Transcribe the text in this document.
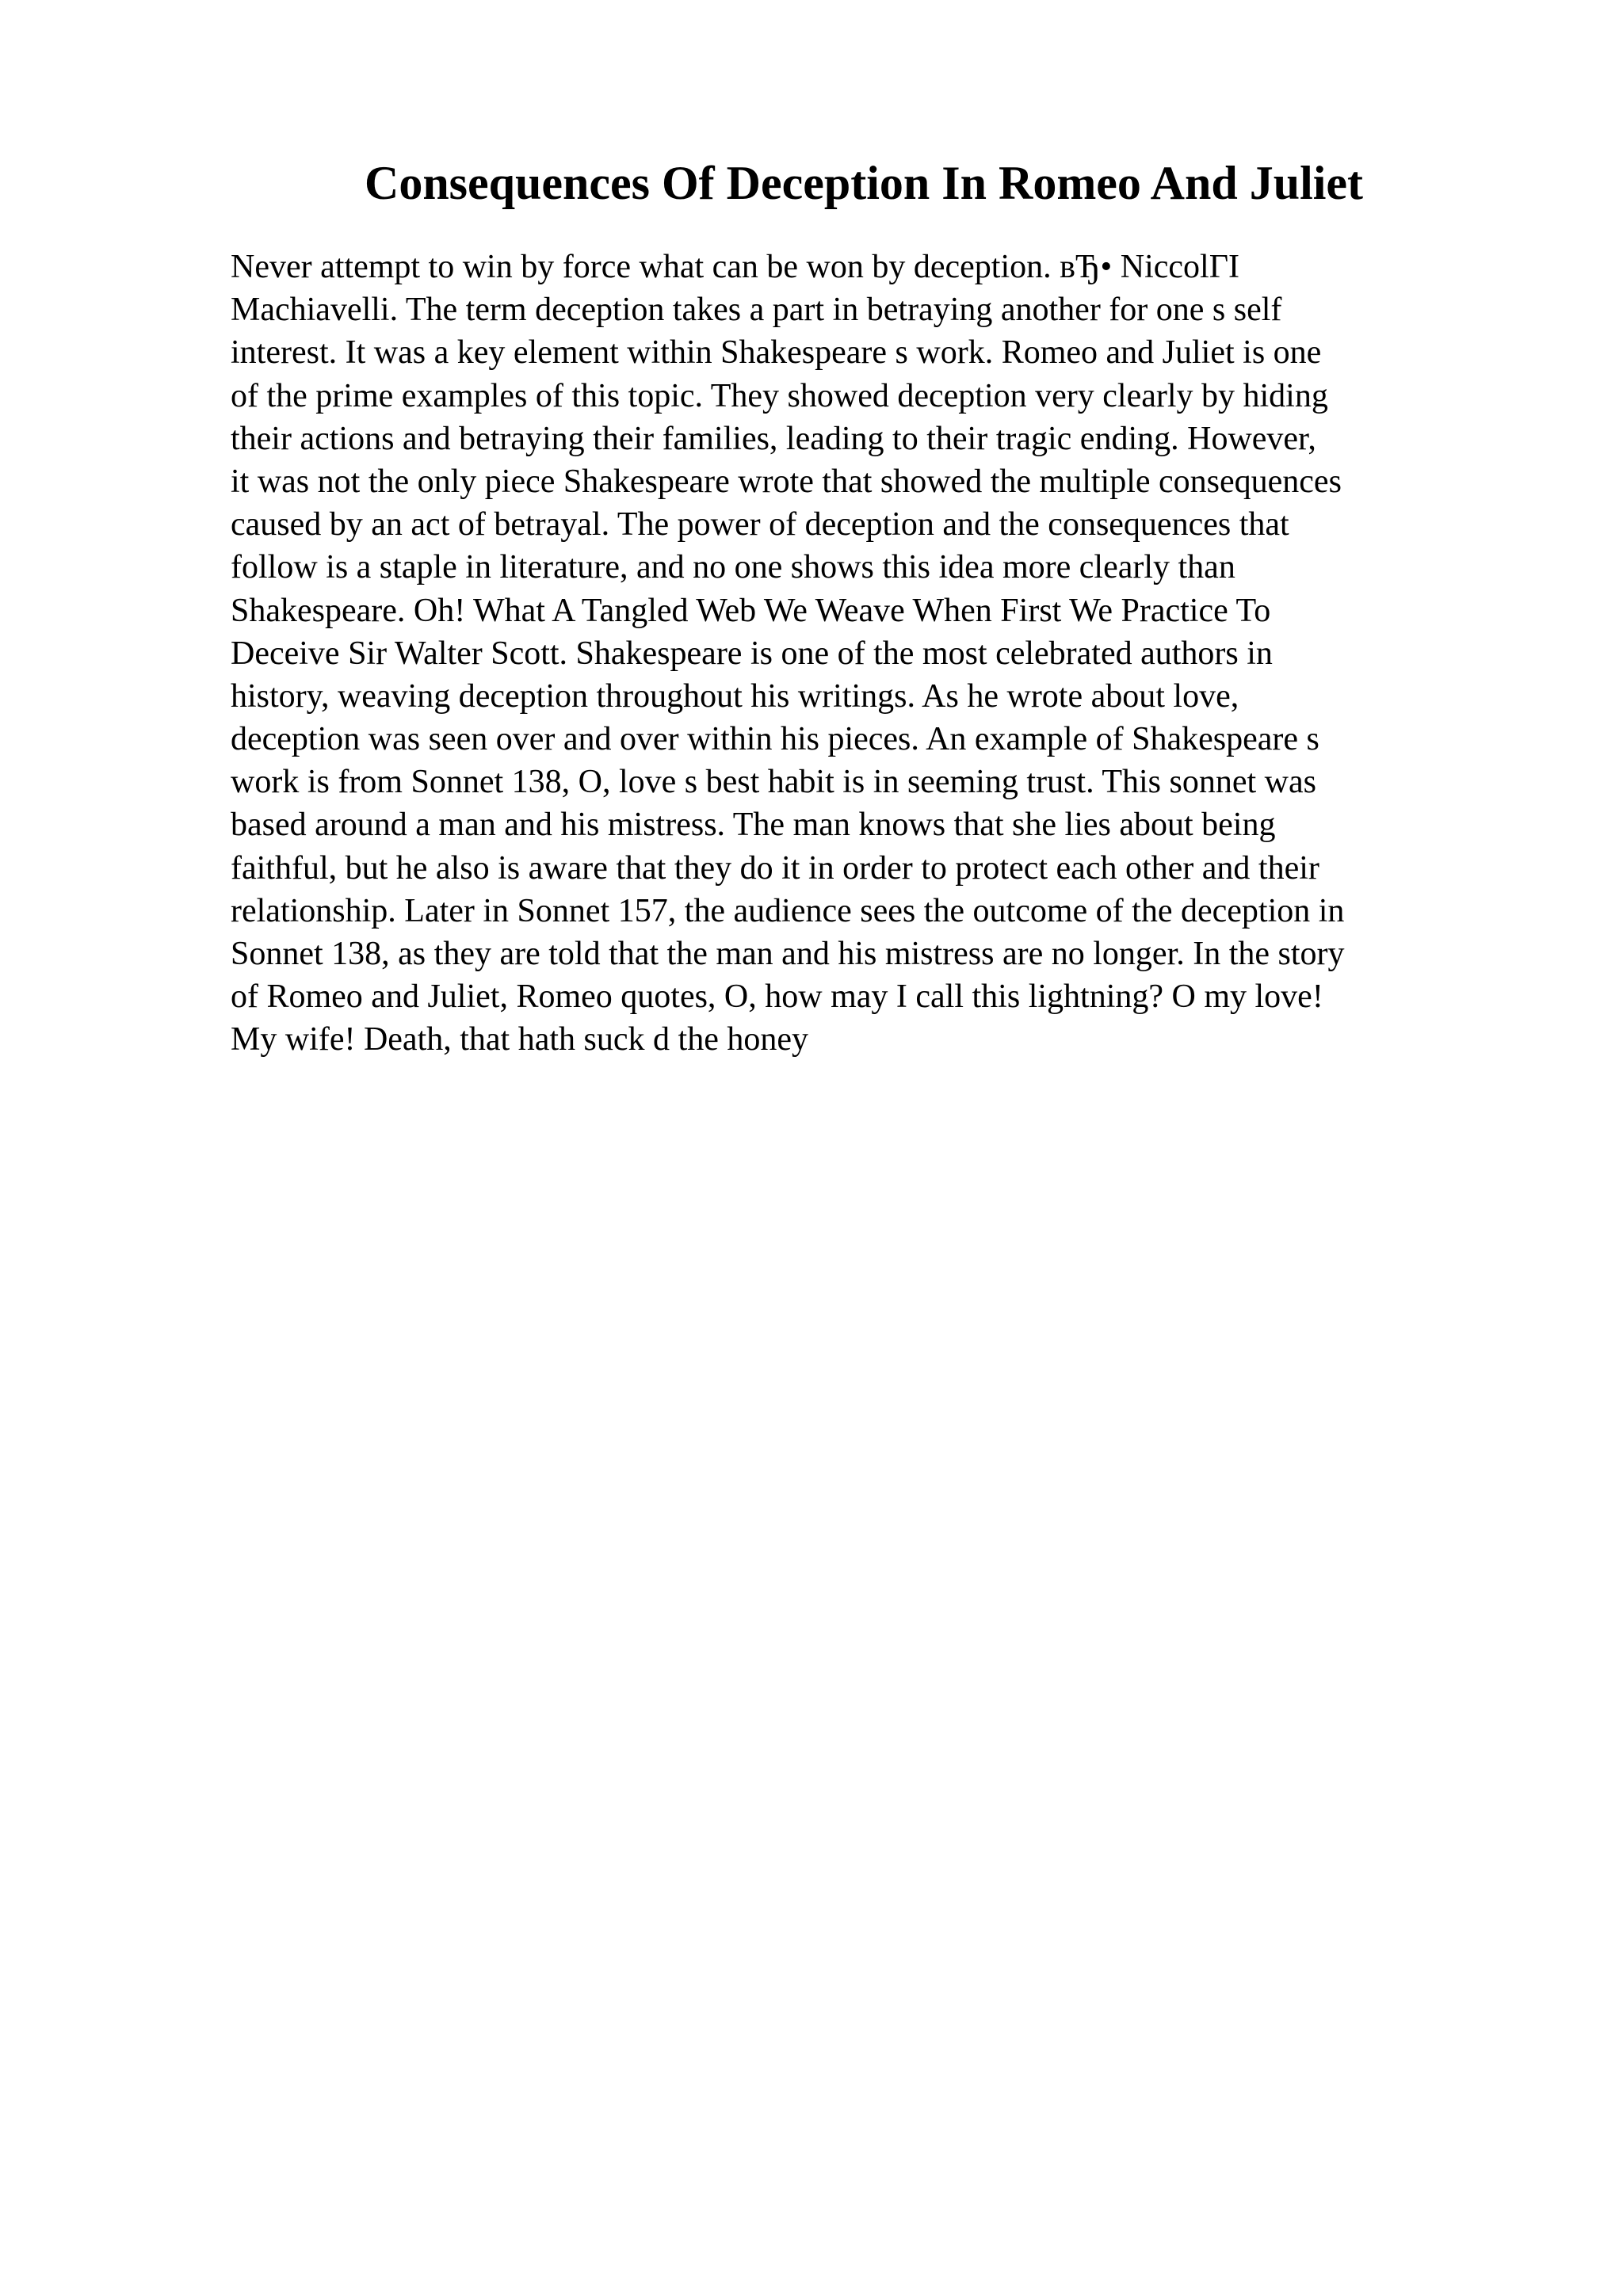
Consequences Of Deception In Romeo And Juliet
Never attempt to win by force what can be won by deception. вЂ• NiccolГІ
Machiavelli. The term deception takes a part in betraying another for one s self
interest. It was a key element within Shakespeare s work. Romeo and Juliet is one
of the prime examples of this topic. They showed deception very clearly by hiding
their actions and betraying their families, leading to their tragic ending. However,
it was not the only piece Shakespeare wrote that showed the multiple consequences
caused by an act of betrayal. The power of deception and the consequences that
follow is a staple in literature, and no one shows this idea more clearly than
Shakespeare. Oh! What A Tangled Web We Weave When First We Practice To
Deceive Sir Walter Scott. Shakespeare is one of the most celebrated authors in
history, weaving deception throughout his writings. As he wrote about love,
deception was seen over and over within his pieces. An example of Shakespeare s
work is from Sonnet 138, O, love s best habit is in seeming trust. This sonnet was
based around a man and his mistress. The man knows that she lies about being
faithful, but he also is aware that they do it in order to protect each other and their
relationship. Later in Sonnet 157, the audience sees the outcome of the deception in
Sonnet 138, as they are told that the man and his mistress are no longer. In the story
of Romeo and Juliet, Romeo quotes, O, how may I call this lightning? O my love!
My wife! Death, that hath suck d the honey
